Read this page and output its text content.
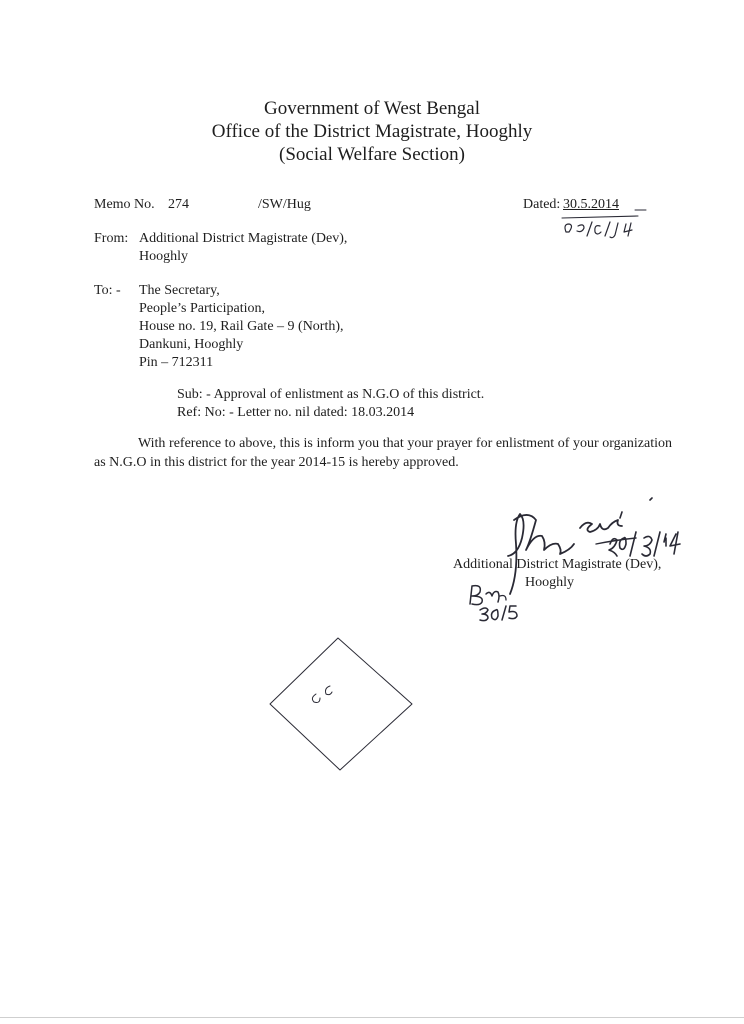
Government of West Bengal
Office of the District Magistrate, Hooghly
(Social Welfare Section)
Memo No. 274	/SW/Hug	Dated: 30.5.2014
From: Additional District Magistrate (Dev),
Hooghly
To: - The Secretary,
People’s Participation,
House no. 19, Rail Gate – 9 (North),
Dankuni, Hooghly
Pin – 712311
Sub: - Approval of enlistment as N.G.O of this district.
Ref: No: - Letter no. nil dated: 18.03.2014
With reference to above, this is inform you that your prayer for enlistment of your organization as N.G.O in this district for the year 2014-15 is hereby approved.
Additional District Magistrate (Dev),
Hooghly
